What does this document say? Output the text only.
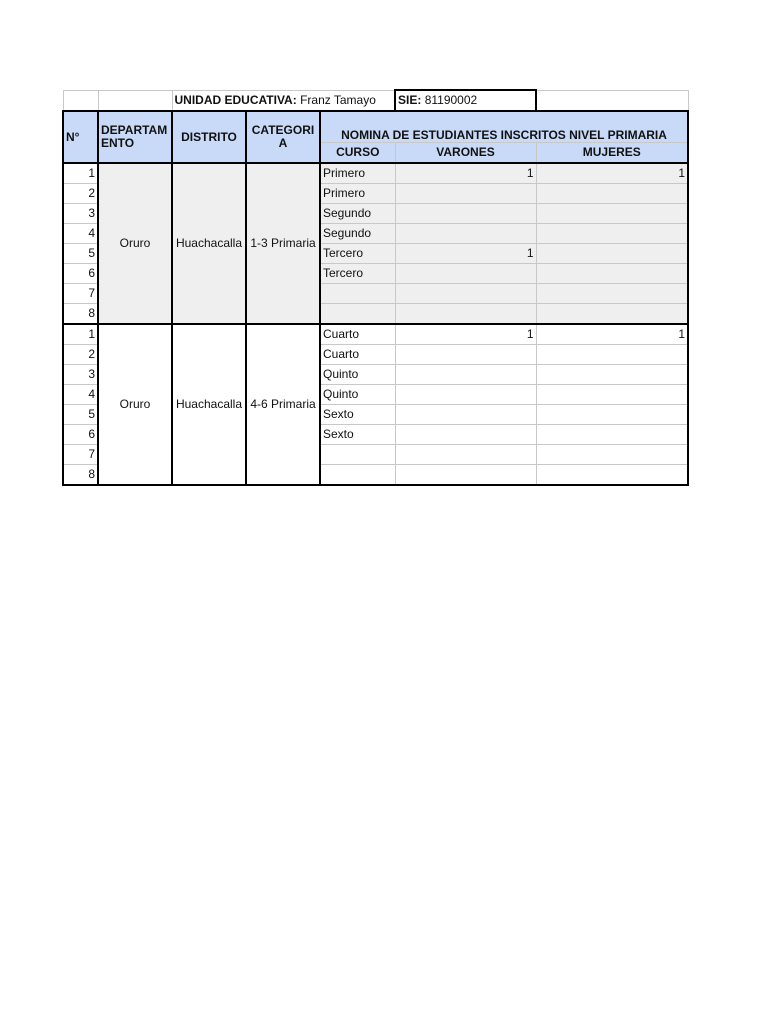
		UNIDAD EDUCATIVA: Franz Tamayo			SIE: 81190002	
N°	DEPARTAMENTO	DISTRITO	CATEGORIA	NOMINA DE ESTUDIANTES INSCRITOS NIVEL PRIMARIA		
				CURSO	VARONES	MUJERES
1	Oruro	Huachacalla	1-3 Primaria	Primero	1	1
2				Primero		
3				Segundo		
4				Segundo		
5				Tercero	1	
6				Tercero		
7						
8						
1	Oruro	Huachacalla	4-6 Primaria	Cuarto	1	1
2				Cuarto		
3				Quinto		
4				Quinto		
5				Sexto		
6				Sexto		
7						
8						
